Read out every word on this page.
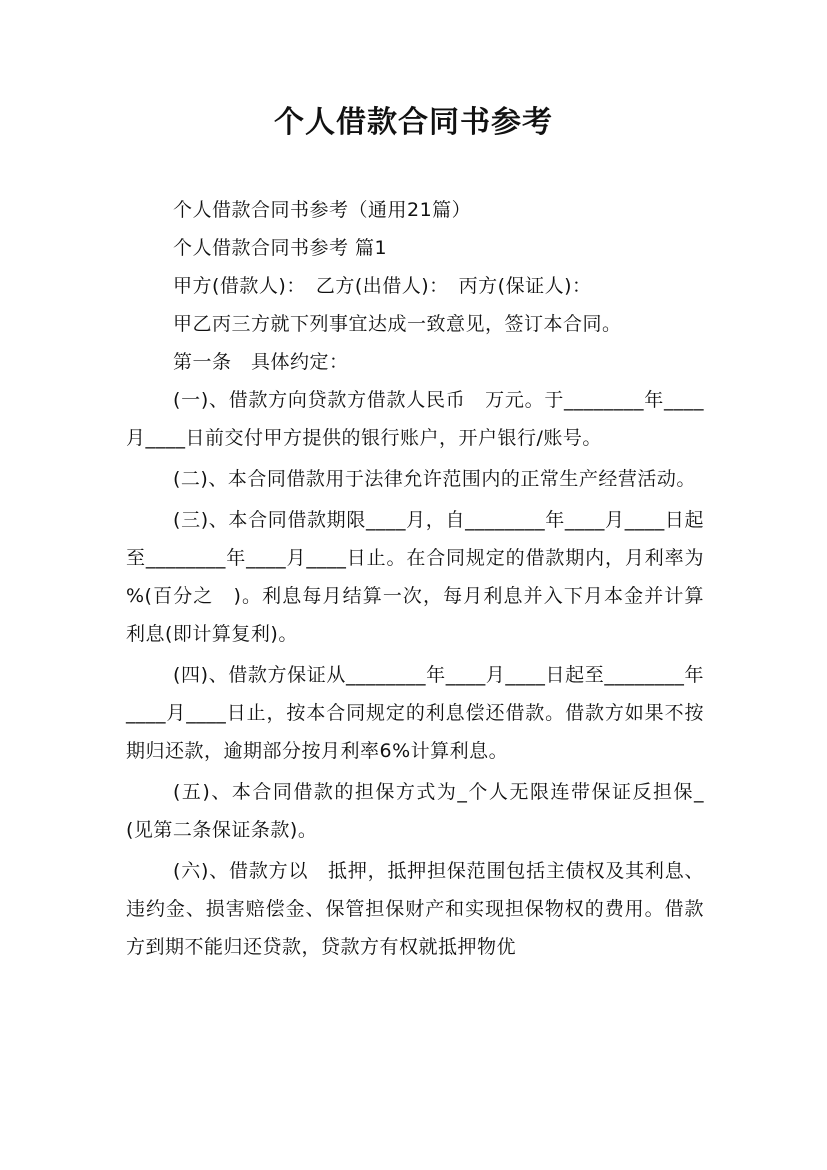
个人借款合同书参考

个人借款合同书参考（通用21篇）

个人借款合同书参考 篇1

甲方(借款人)：　乙方(出借人)：　丙方(保证人)：

甲乙丙三方就下列事宜达成一致意见，签订本合同。

第一条　具体约定：

(一)、借款方向贷款方借款人民币　万元。于________年____月____日前交付甲方提供的银行账户，开户银行/账号。

(二)、本合同借款用于法律允许范围内的正常生产经营活动。

(三)、本合同借款期限____月，自________年____月____日起至________年____月____日止。在合同规定的借款期内，月利率为　%(百分之　)。利息每月结算一次，每月利息并入下月本金并计算利息(即计算复利)。

(四)、借款方保证从________年____月____日起至________年____月____日止，按本合同规定的利息偿还借款。借款方如果不按期归还款，逾期部分按月利率6%计算利息。

(五)、本合同借款的担保方式为_个人无限连带保证反担保_(见第二条保证条款)。

(六)、借款方以　抵押，抵押担保范围包括主债权及其利息、违约金、损害赔偿金、保管担保财产和实现担保物权的费用。借款方到期不能归还贷款，贷款方有权就抵押物优
